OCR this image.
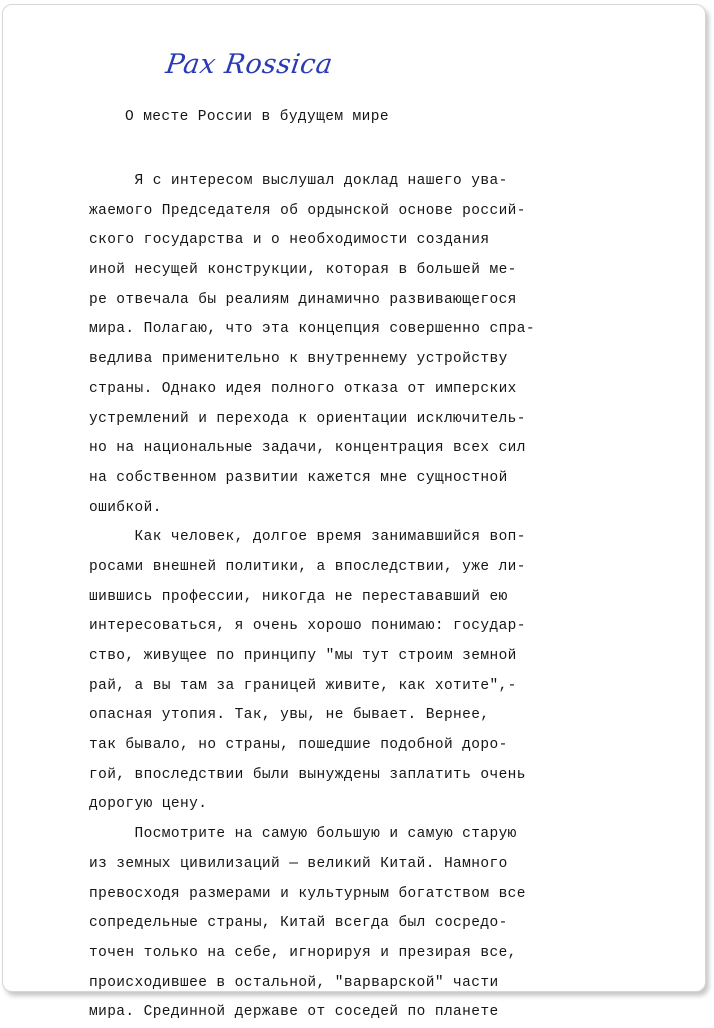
Pax Rossica
О месте России в будущем мире
Я с интересом выслушал доклад нашего ува-
жаемого Председателя об ордынской основе россий-
ского государства и о необходимости создания
иной несущей конструкции, которая в большей ме-
ре отвечала бы реалиям динамично развивающегося
мира. Полагаю, что эта концепция совершенно спра-
ведлива применительно к внутреннему устройству
страны. Однако идея полного отказа от имперских
устремлений и перехода к ориентации исключитель-
но на национальные задачи, концентрация всех сил
на собственном развитии кажется мне сущностной
ошибкой.
Как человек, долгое время занимавшийся воп-
росами внешней политики, а впоследствии, уже ли-
шившись профессии, никогда не перестававший ею
интересоваться, я очень хорошо понимаю: госудаp-
ство, живущее по принципу "мы тут строим земной
рай, а вы там за границей живите, как хотите",-
опасная утопия. Так, увы, не бывает. Вернее,
так бывало, но страны, пошедшие подобной доро-
гой, впоследствии были вынуждены заплатить очень
дорогую цену.
Посмотрите на самую большую и самую старую
из земных цивилизаций — великий Китай. Намного
превосходя размерами и культурным богатством все
сопредельные страны, Китай всегда был сосредо-
точен только на себе, игнорируя и презирая все,
происходившее в остальной, "варварской" части
мира. Срединной державе от соседей по планете
